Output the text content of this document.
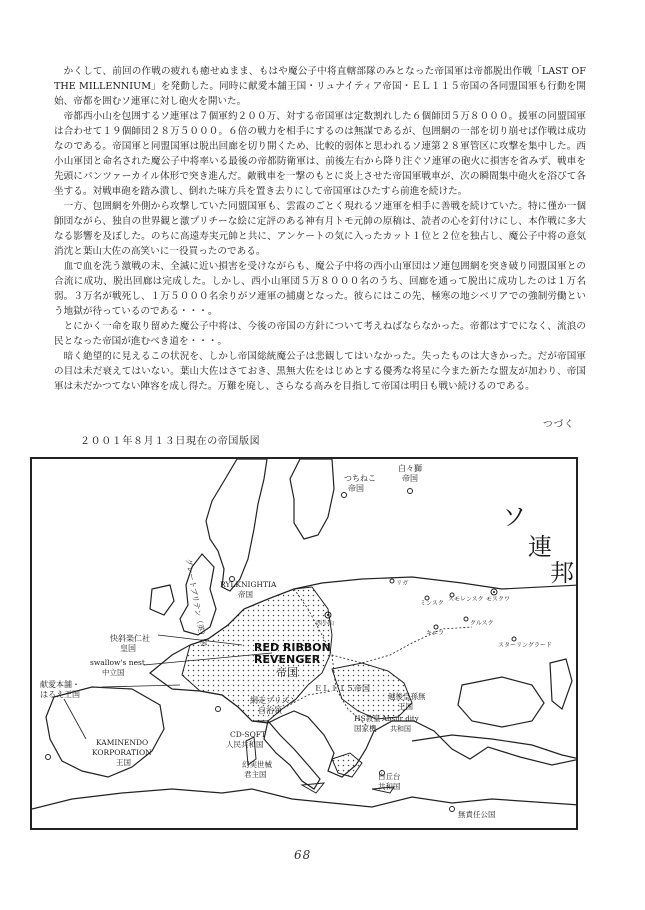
かくして、前回の作戦の疲れも癒せぬまま、もはや魔公子中将直轄部隊のみとなった帝国軍は帝都脱出作戦「LAST OF THE MILLENNIUM」を発動した。同時に献愛本舗王国・リュナイティア帝国・ＥＬ１１５帝国の各同盟国軍も行動を開始、帝都を囲むソ連軍に対し砲火を開いた。

帝都西小山を包囲するソ連軍は７個軍約２００万、対する帝国軍は定数割れした６個師団５万８０００。援軍の同盟国軍は合わせて１９個師団２８万５０００。６倍の戦力を相手にするのは無謀であるが、包囲網の一部を切り崩せば作戦は成功なのである。帝国軍と同盟国軍は脱出回廊を切り開くため、比較的弱体と思われるソ連第２８軍管区に攻撃を集中した。西小山軍団と命名された魔公子中将率いる最後の帝都防衛軍は、前後左右から降り注ぐソ連軍の砲火に損害を省みず、戦車を先頭にパンツァーカイル体形で突き進んだ。敵戦車を一撃のもとに炎上させた帝国軍戦車が、次の瞬間集中砲火を浴びて各坐する。対戦車砲を踏み潰し、倒れた味方兵を置き去りにして帝国軍はひたすら前進を続けた。

一方、包囲網を外側から攻撃していた同盟国軍も、雲霞のごとく現れるソ連軍を相手に善戦を続けていた。特に僅か一個師団ながら、独自の世界観と激プリチーな絵に定評のある神有月トモ元帥の原稿は、読者の心を釘付けにし、本作戦に多大なる影響を及ぼした。のちに高遠寿実元帥と共に、アンケートの気に入ったカット１位と２位を独占し、魔公子中将の意気消沈と葉山大佐の高笑いに一役買ったのである。

血で血を洗う激戦の末、全滅に近い損害を受けながらも、魔公子中将の西小山軍団はソ連包囲網を突き破り同盟国軍との合流に成功、脱出回廊は完成した。しかし、西小山軍団５万８０００名のうち、回廊を通って脱出に成功したのは１万名弱。３万名が戦死し、１万５０００名余りがソ連軍の捕虜となった。彼らにはこの先、極寒の地シベリアでの強制労働という地獄が待っているのである・・・。

とにかく一命を取り留めた魔公子中将は、今後の帝国の方針について考えねばならなかった。帝都はすでになく、流浪の民となった帝国が進むべき道を・・・。

暗く絶望的に見えるこの状況を、しかし帝国総統魔公子は悲観してはいなかった。失ったものは大きかった。だが帝国軍の目は未だ衰えてはいない。葉山大佐はさておき、黒無大佐をはじめとする優秀な将星に今また新たな盟友が加わり、帝国軍は未だかつてない陣容を成し得た。万難を廃し、さらなる高みを目指して帝国は明日も戦い続けるのである。

つづく
２００１年８月１３日現在の帝国版図
ソ
連
邦
RED RIBBON
REVENGER
帝国
つちねこ
帝国
白々獅
帝国
RYLKNIGHTIA
帝国
グレートブリテン（英）国
快斜楽仁社
皇国
swallow's nest
中立国
献愛本舗・
はるえ王国
KAMINENDO
KORPORATION
王国
ＥＬ１１５帝国
網走プリズン
自治領
CD-SOFT
人民共和国
幻実世械
君主国
HS教皇
国家機
Absur dity
共和国
越後皇孫無
王国
白丘台
共和国
無責任公国
西小山
モスクワ
スモレンスク
ミンスク
リガ
クルスク
キエフ
スターリングラード
68
